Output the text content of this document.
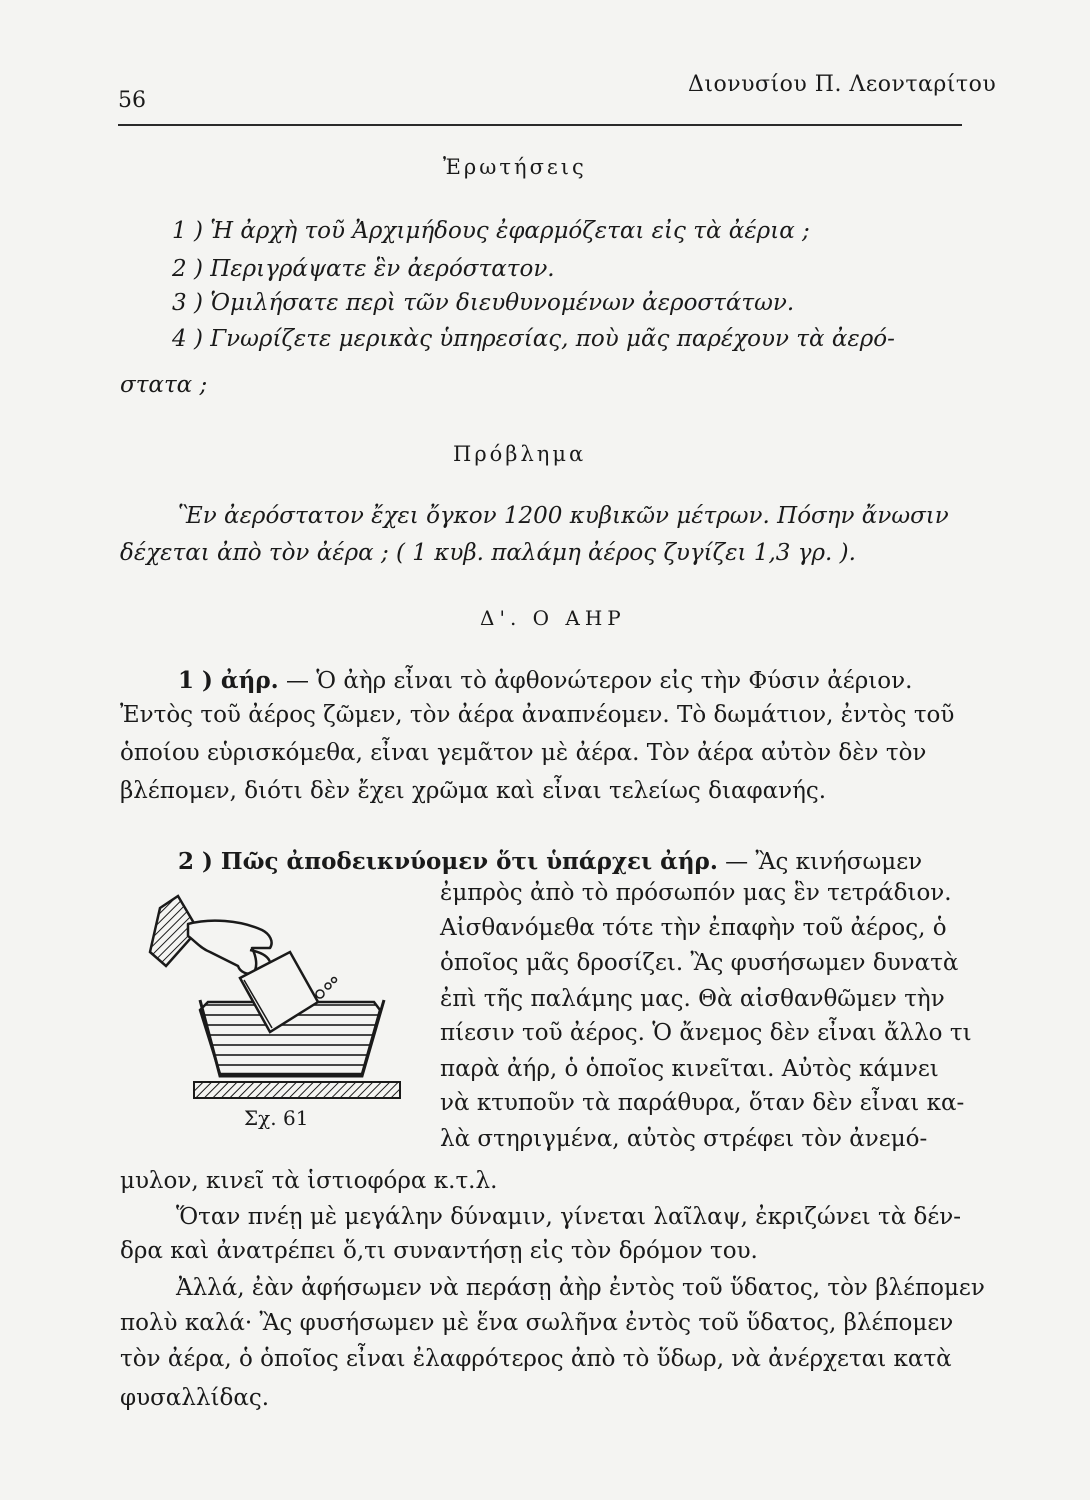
56
Διονυσίου Π. Λεονταρίτου
Ἐρωτήσεις
1 ) Ἡ ἀρχὴ τοῦ Ἀρχιμήδους ἐφαρμόζεται εἰς τὰ ἀέρια ;
2 ) Περιγράψατε ἓν ἀερόστατον.
3 ) Ὁμιλήσατε περὶ τῶν διευθυνομένων ἀεροστάτων.
4 ) Γνωρίζετε μερικὰς ὑπηρεσίας, ποὺ μᾶς παρέχουν τὰ ἀερό-
στατα ;
Πρόβλημα
Ἓν ἀερόστατον ἔχει ὄγκον 1200 κυβικῶν μέτρων. Πόσην ἄνωσιν
δέχεται ἀπὸ τὸν ἀέρα ; ( 1 κυβ. παλάμη ἀέρος ζυγίζει 1,3 γρ. ).
Δ'. Ο ΑΗΡ
1 ) ἀήρ. — Ὁ ἀὴρ εἶναι τὸ ἀφθονώτερον εἰς τὴν Φύσιν ἀέριον.
Ἐντὸς τοῦ ἀέρος ζῶμεν, τὸν ἀέρα ἀναπνέομεν. Τὸ δωμάτιον, ἐντὸς τοῦ
ὁποίου εὑρισκόμεθα, εἶναι γεμᾶτον μὲ ἀέρα. Τὸν ἀέρα αὐτὸν δὲν τὸν
βλέπομεν, διότι δὲν ἔχει χρῶμα καὶ εἶναι τελείως διαφανής.
2 ) Πῶς ἀποδεικνύομεν ὅτι ὑπάρχει ἀήρ. — Ἂς κινήσωμεν
ἐμπρὸς ἀπὸ τὸ πρόσωπόν μας ἓν τετράδιον.
Αἰσθανόμεθα τότε τὴν ἐπαφὴν τοῦ ἀέρος, ὁ
ὁποῖος μᾶς δροσίζει. Ἂς φυσήσωμεν δυνατὰ
ἐπὶ τῆς παλάμης μας. Θὰ αἰσθανθῶμεν τὴν
πίεσιν τοῦ ἀέρος. Ὁ ἄνεμος δὲν εἶναι ἄλλο τι
παρὰ ἀήρ, ὁ ὁποῖος κινεῖται. Αὐτὸς κάμνει
νὰ κτυποῦν τὰ παράθυρα, ὅταν δὲν εἶναι κα-
λὰ στηριγμένα, αὐτὸς στρέφει τὸν ἀνεμό-
μυλον, κινεῖ τὰ ἱστιοφόρα κ.τ.λ.
Ὅταν πνέῃ μὲ μεγάλην δύναμιν, γίνεται λαῖλαψ, ἐκριζώνει τὰ δέν-
δρα καὶ ἀνατρέπει ὅ,τι συναντήσῃ εἰς τὸν δρόμον του.
Ἀλλά, ἐὰν ἀφήσωμεν νὰ περάσῃ ἀὴρ ἐντὸς τοῦ ὕδατος, τὸν βλέπομεν
πολὺ καλά· Ἂς φυσήσωμεν μὲ ἕνα σωλῆνα ἐντὸς τοῦ ὕδατος, βλέπομεν
τὸν ἀέρα, ὁ ὁποῖος εἶναι ἐλαφρότερος ἀπὸ τὸ ὕδωρ, νὰ ἀνέρχεται κατὰ
φυσαλλίδας.
Σχ. 61
